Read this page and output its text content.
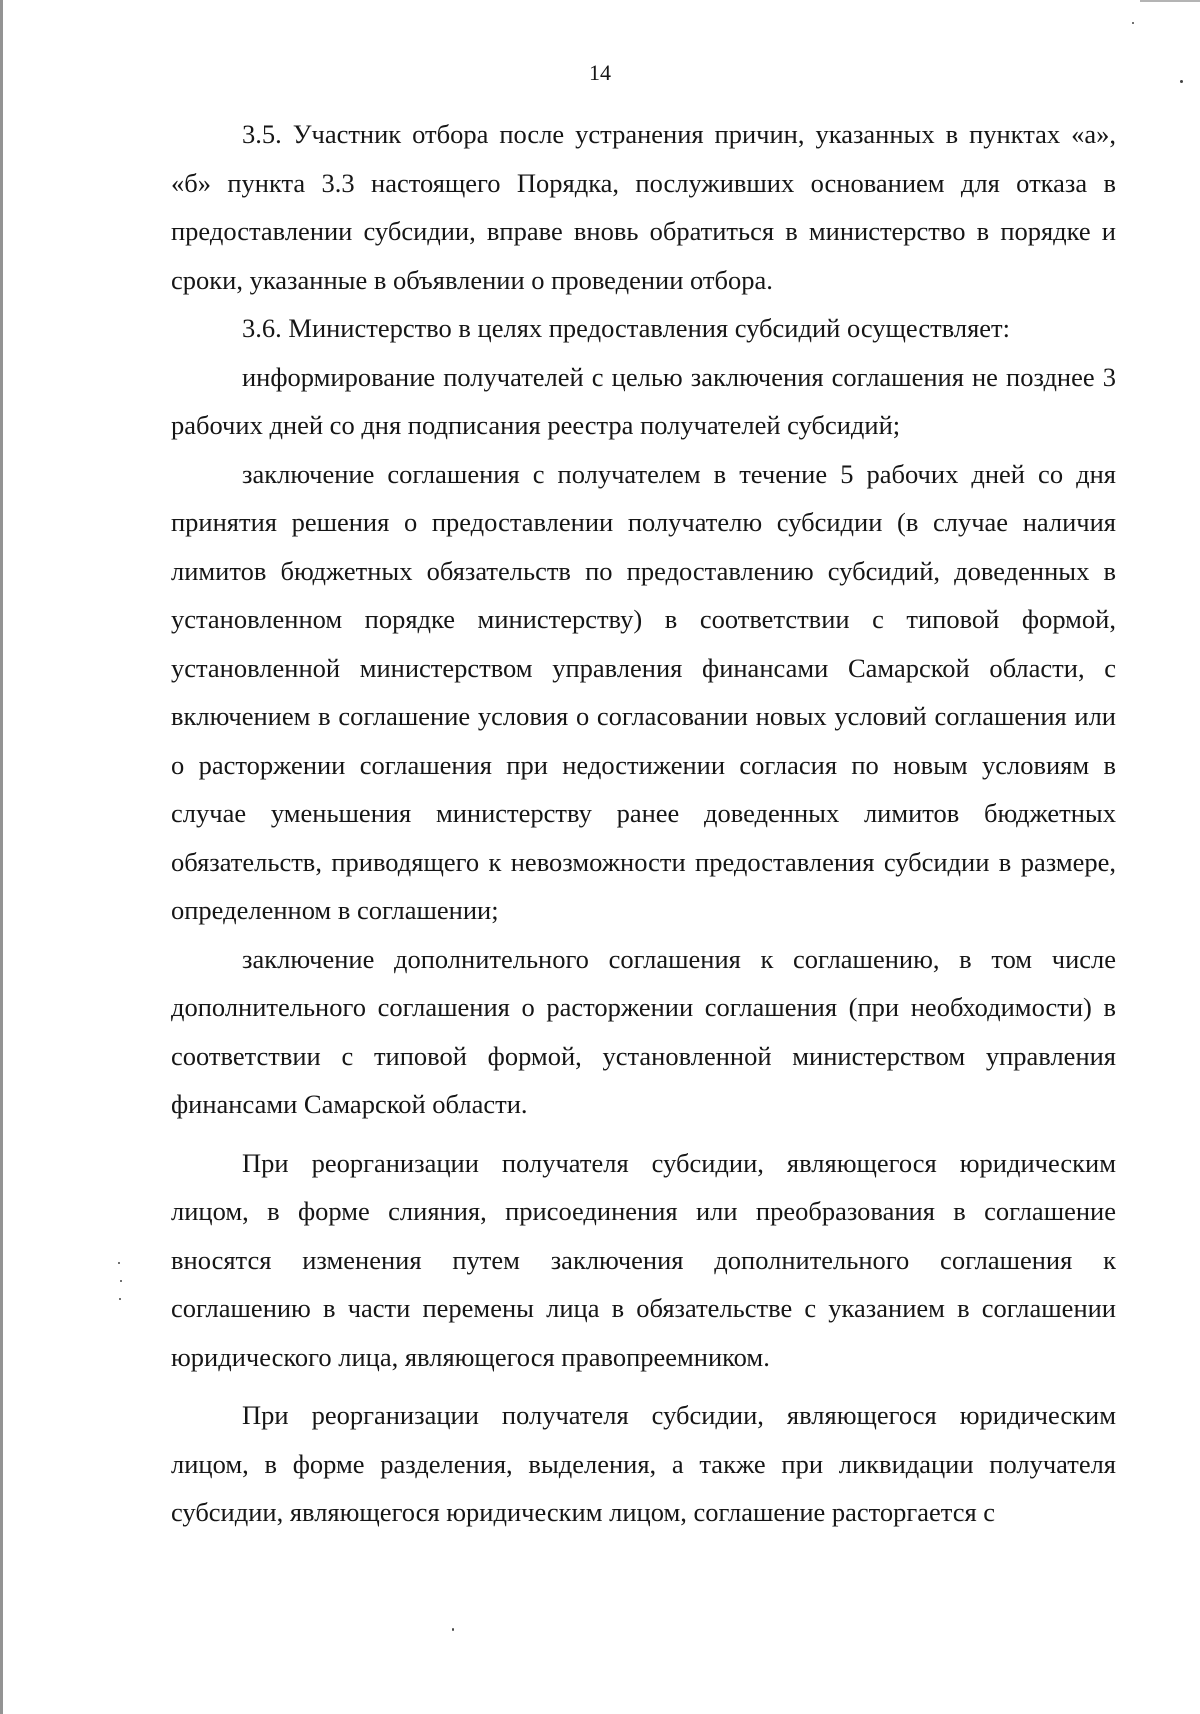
14

3.5. Участник отбора после устранения причин, указанных в пунктах «а», «б» пункта 3.3 настоящего Порядка, послуживших основанием для отказа в предоставлении субсидии, вправе вновь обратиться в министерство в порядке и сроки, указанные в объявлении о проведении отбора.

3.6. Министерство в целях предоставления субсидий осуществляет:

информирование получателей с целью заключения соглашения не позднее 3 рабочих дней со дня подписания реестра получателей субсидий;

заключение соглашения с получателем в течение 5 рабочих дней со дня принятия решения о предоставлении получателю субсидии (в случае наличия лимитов бюджетных обязательств по предоставлению субсидий, доведенных в установленном порядке министерству) в соответствии с типовой формой, установленной министерством управления финансами Самарской области, с включением в соглашение условия о согласовании новых условий соглашения или о расторжении соглашения при недостижении согласия по новым условиям в случае уменьшения министерству ранее доведенных лимитов бюджетных обязательств, приводящего к невозможности предоставления субсидии в размере, определенном в соглашении;

заключение дополнительного соглашения к соглашению, в том числе дополнительного соглашения о расторжении соглашения (при необходимости) в соответствии с типовой формой, установленной министерством управления финансами Самарской области.

При реорганизации получателя субсидии, являющегося юридическим лицом, в форме слияния, присоединения или преобразования в соглашение вносятся изменения путем заключения дополнительного соглашения к соглашению в части перемены лица в обязательстве с указанием в соглашении юридического лица, являющегося правопреемником.

При реорганизации получателя субсидии, являющегося юридическим лицом, в форме разделения, выделения, а также при ликвидации получателя субсидии, являющегося юридическим лицом, соглашение расторгается с
